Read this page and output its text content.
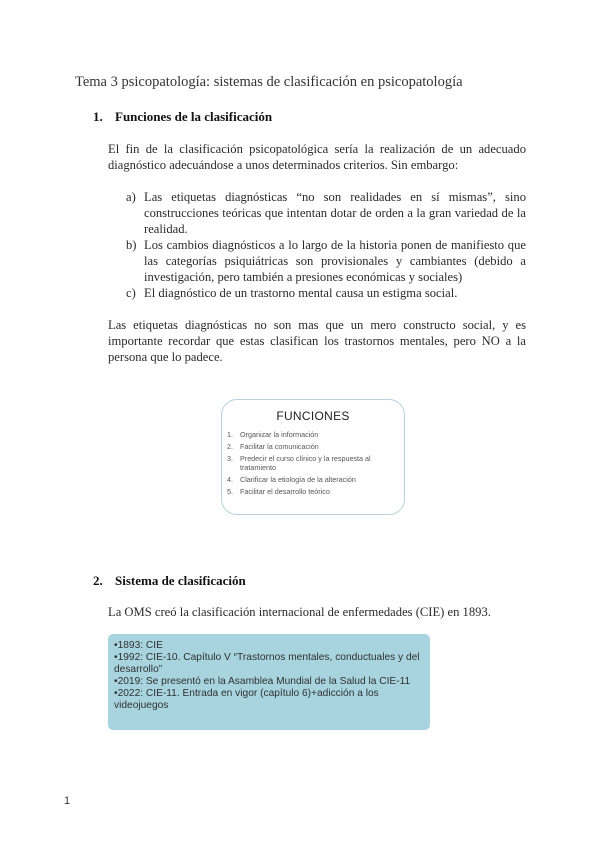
Tema 3 psicopatología: sistemas de clasificación en psicopatología
1. Funciones de la clasificación
El fin de la clasificación psicopatológica sería la realización de un adecuado diagnóstico adecuándose a unos determinados criterios. Sin embargo:
a) Las etiquetas diagnósticas “no son realidades en sí mismas”, sino construcciones teóricas que intentan dotar de orden a la gran variedad de la realidad.
b) Los cambios diagnósticos a lo largo de la historia ponen de manifiesto que las categorías psiquiátricas son provisionales y cambiantes (debido a investigación, pero también a presiones económicas y sociales)
c) El diagnóstico de un trastorno mental causa un estigma social.
Las etiquetas diagnósticas no son mas que un mero constructo social, y es importante recordar que estas clasifican los trastornos mentales, pero NO a la persona que lo padece.
FUNCIONES
1. Organizar la información
2. Facilitar la comunicación
3. Predecir el curso clínico y la respuesta al tratamiento
4. Clarificar la etiología de la alteración
5. Facilitar el desarrollo teórico
2. Sistema de clasificación
La OMS creó la clasificación internacional de enfermedades (CIE) en 1893.
•1893: CIE
•1992: CIE-10. Capítulo V “Trastornos mentales, conductuales y del desarrollo”
•2019: Se presentó en la Asamblea Mundial de la Salud la CIE-11
•2022: CIE-11. Entrada en vigor (capítulo 6)+adicción a los videojuegos
1
